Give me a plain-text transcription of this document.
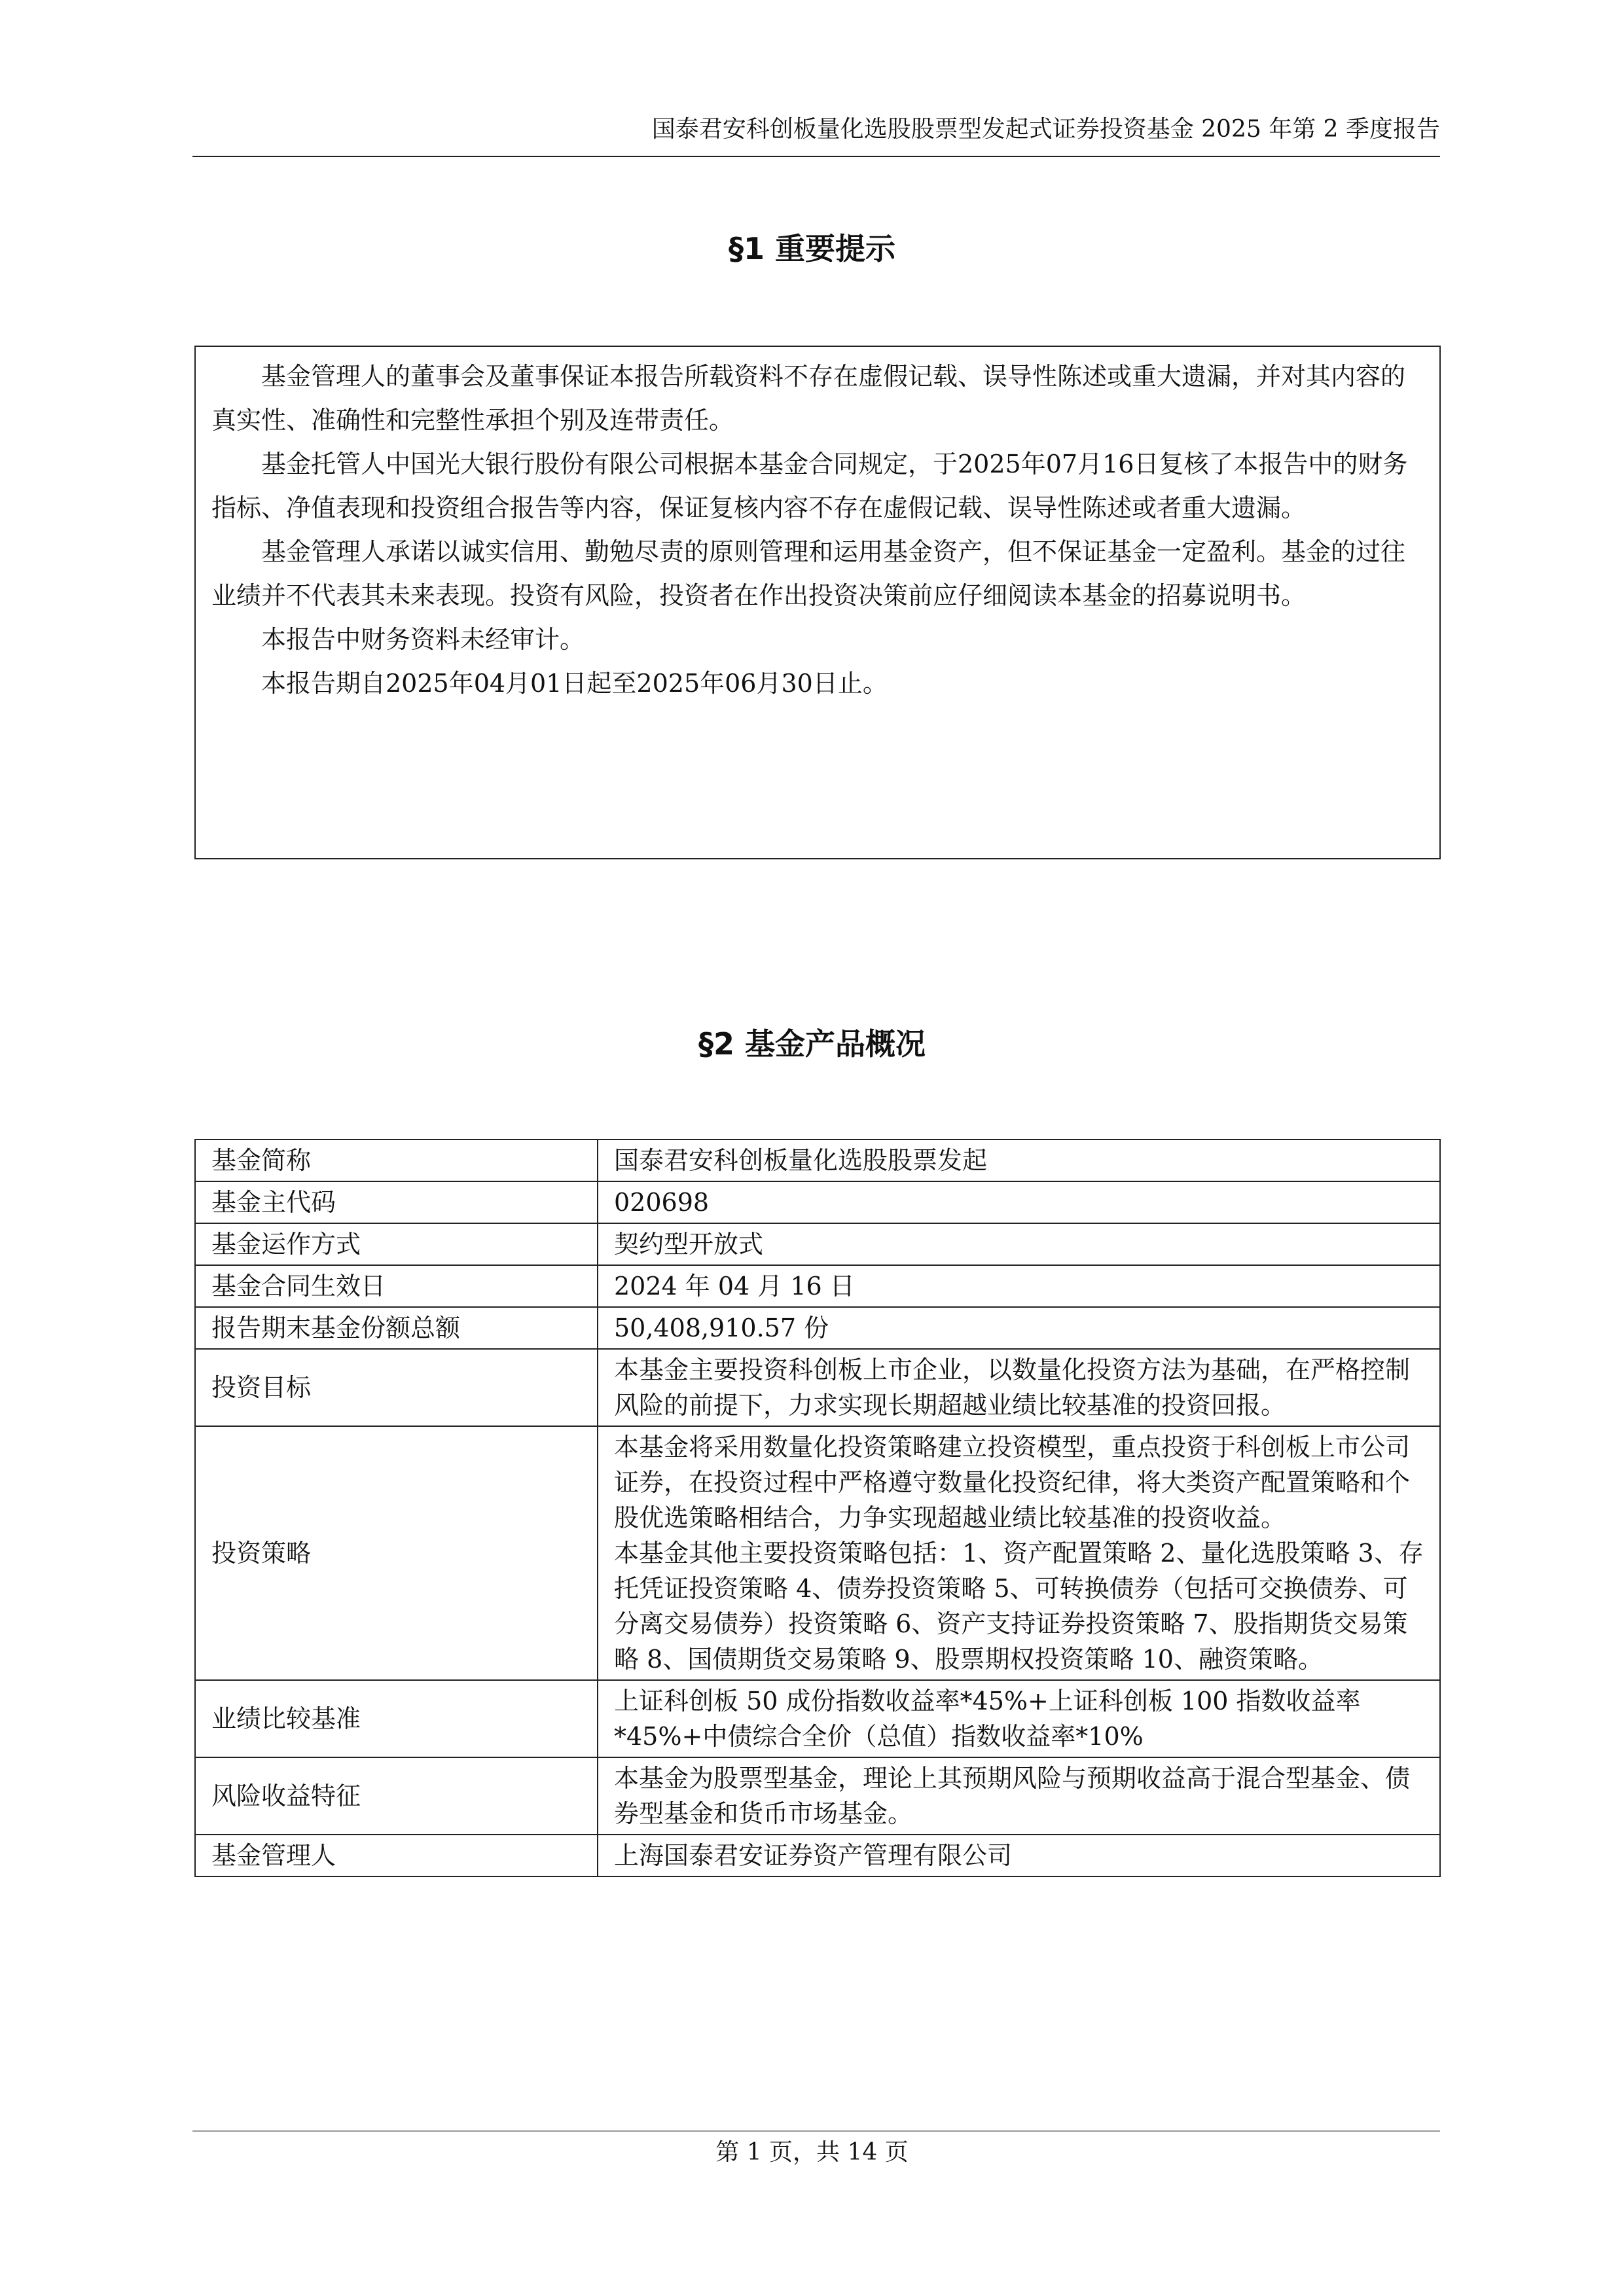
国泰君安科创板量化选股股票型发起式证券投资基金 2025 年第 2 季度报告
§1 重要提示

基金管理人的董事会及董事保证本报告所载资料不存在虚假记载、误导性陈述或重大遗漏，并对其内容的真实性、准确性和完整性承担个别及连带责任。

基金托管人中国光大银行股份有限公司根据本基金合同规定，于2025年07月16日复核了本报告中的财务指标、净值表现和投资组合报告等内容，保证复核内容不存在虚假记载、误导性陈述或者重大遗漏。

基金管理人承诺以诚实信用、勤勉尽责的原则管理和运用基金资产，但不保证基金一定盈利。基金的过往业绩并不代表其未来表现。投资有风险，投资者在作出投资决策前应仔细阅读本基金的招募说明书。

本报告中财务资料未经审计。

本报告期自2025年04月01日起至2025年06月30日止。

§2 基金产品概况
基金简称	国泰君安科创板量化选股股票发起
基金主代码	020698
基金运作方式	契约型开放式
基金合同生效日	2024 年 04 月 16 日
报告期末基金份额总额	50,408,910.57 份
投资目标	本基金主要投资科创板上市企业，以数量化投资方法为基础，在严格控制风险的前提下，力求实现长期超越业绩比较基准的投资回报。
投资策略	本基金将采用数量化投资策略建立投资模型，重点投资于科创板上市公司证券，在投资过程中严格遵守数量化投资纪律，将大类资产配置策略和个股优选策略相结合，力争实现超越业绩比较基准的投资收益。
本基金其他主要投资策略包括：1、资产配置策略 2、量化选股策略 3、存托凭证投资策略 4、债券投资策略 5、可转换债券（包括可交换债券、可分离交易债券）投资策略 6、资产支持证券投资策略 7、股指期货交易策略 8、国债期货交易策略 9、股票期权投资策略 10、融资策略。

业绩比较基准	上证科创板 50 成份指数收益率*45%+上证科创板 100 指数收益率*45%+中债综合全价（总值）指数收益率*10%
风险收益特征	本基金为股票型基金，理论上其预期风险与预期收益高于混合型基金、债券型基金和货币市场基金。
基金管理人	上海国泰君安证券资产管理有限公司
第 1 页，共 14 页
